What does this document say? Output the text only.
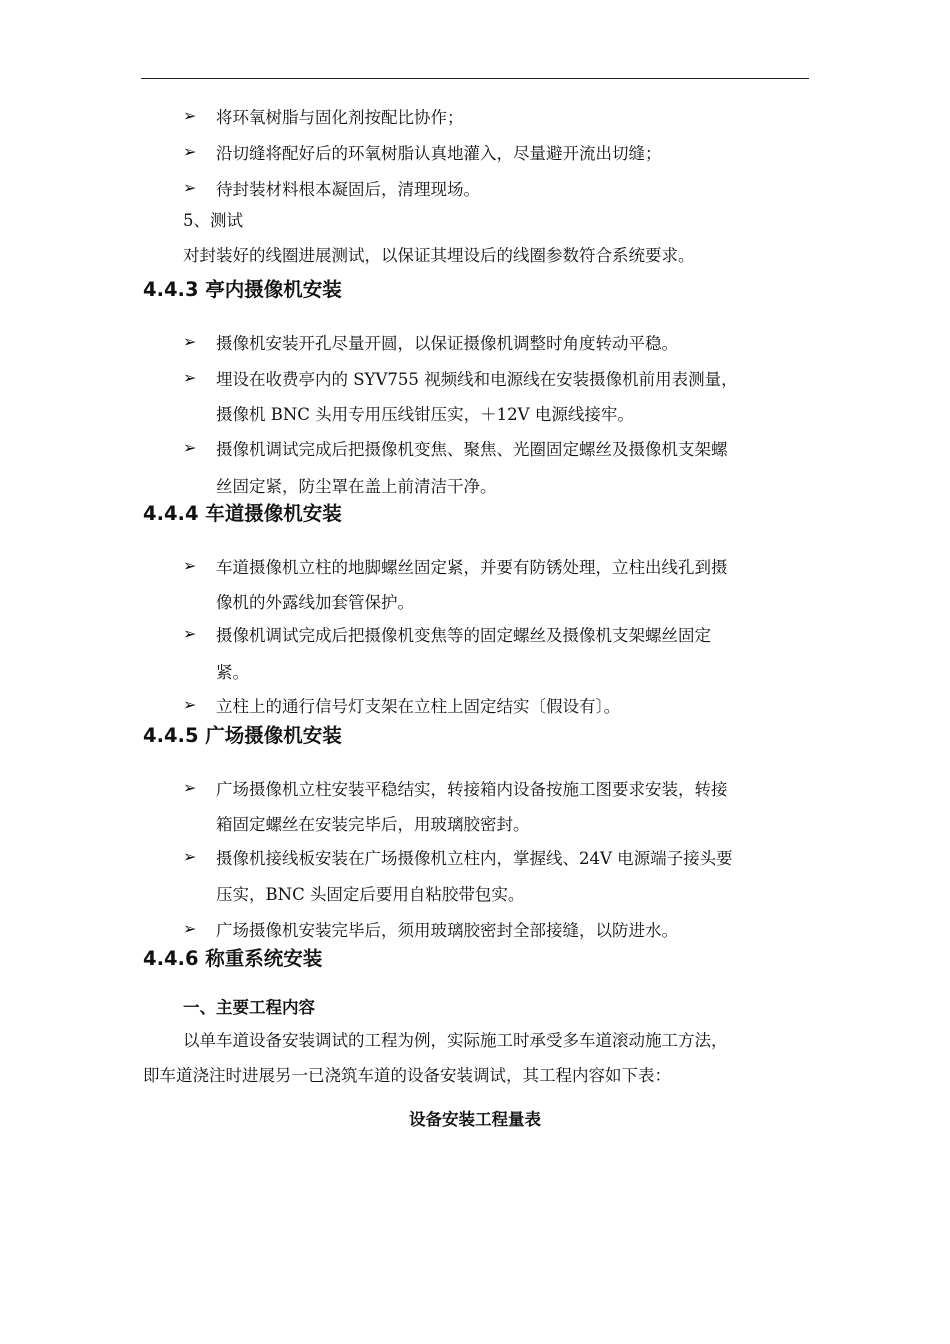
➢ 将环氧树脂与固化剂按配比协作；
➢ 沿切缝将配好后的环氧树脂认真地灌入，尽量避开流出切缝；
➢ 待封装材料根本凝固后，清理现场。
5、测试
对封装好的线圈进展测试，以保证其埋设后的线圈参数符合系统要求。
4.4.3 亭内摄像机安装
➢ 摄像机安装开孔尽量开圆，以保证摄像机调整时角度转动平稳。
➢ 埋设在收费亭内的 SYV755 视频线和电源线在安装摄像机前用表测量，
摄像机 BNC 头用专用压线钳压实，＋12V 电源线接牢。
➢ 摄像机调试完成后把摄像机变焦、聚焦、光圈固定螺丝及摄像机支架螺
丝固定紧，防尘罩在盖上前清洁干净。
4.4.4 车道摄像机安装
➢ 车道摄像机立柱的地脚螺丝固定紧，并要有防锈处理，立柱出线孔到摄
像机的外露线加套管保护。
➢ 摄像机调试完成后把摄像机变焦等的固定螺丝及摄像机支架螺丝固定
紧。
➢ 立柱上的通行信号灯支架在立柱上固定结实〔假设有〕。
4.4.5 广场摄像机安装
➢ 广场摄像机立柱安装平稳结实，转接箱内设备按施工图要求安装，转接
箱固定螺丝在安装完毕后，用玻璃胶密封。
➢ 摄像机接线板安装在广场摄像机立柱内，掌握线、24V 电源端子接头要
压实，BNC 头固定后要用自粘胶带包实。
➢ 广场摄像机安装完毕后，须用玻璃胶密封全部接缝，以防进水。
4.4.6 称重系统安装
一、主要工程内容
以单车道设备安装调试的工程为例，实际施工时承受多车道滚动施工方法，
即车道浇注时进展另一已浇筑车道的设备安装调试，其工程内容如下表：
设备安装工程量表
